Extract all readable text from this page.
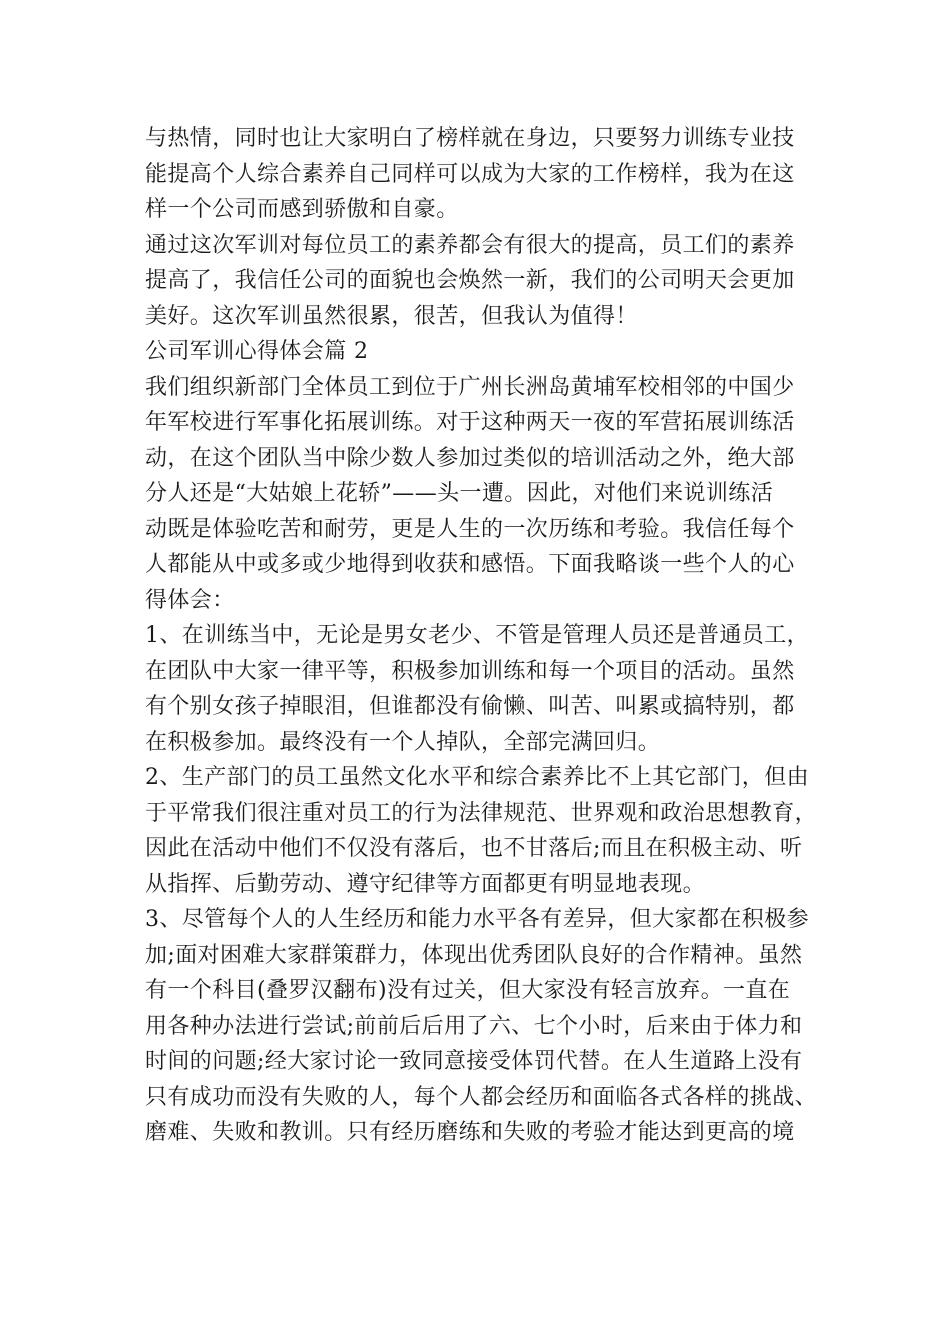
与热情，同时也让大家明白了榜样就在身边，只要努力训练专业技
能提高个人综合素养自己同样可以成为大家的工作榜样，我为在这
样一个公司而感到骄傲和自豪。
通过这次军训对每位员工的素养都会有很大的提高，员工们的素养
提高了，我信任公司的面貌也会焕然一新，我们的公司明天会更加
美好。这次军训虽然很累，很苦，但我认为值得！
公司军训心得体会篇 2
我们组织新部门全体员工到位于广州长洲岛黄埔军校相邻的中国少
年军校进行军事化拓展训练。对于这种两天一夜的军营拓展训练活
动，在这个团队当中除少数人参加过类似的培训活动之外，绝大部
分人还是“大姑娘上花轿”——头一遭。因此，对他们来说训练活
动既是体验吃苦和耐劳，更是人生的一次历练和考验。我信任每个
人都能从中或多或少地得到收获和感悟。下面我略谈一些个人的心
得体会：
1、在训练当中，无论是男女老少、不管是管理人员还是普通员工，
在团队中大家一律平等，积极参加训练和每一个项目的活动。虽然
有个别女孩子掉眼泪，但谁都没有偷懒、叫苦、叫累或搞特别，都
在积极参加。最终没有一个人掉队，全部完满回归。
2、生产部门的员工虽然文化水平和综合素养比不上其它部门，但由
于平常我们很注重对员工的行为法律规范、世界观和政治思想教育，
因此在活动中他们不仅没有落后，也不甘落后;而且在积极主动、听
从指挥、后勤劳动、遵守纪律等方面都更有明显地表现。
3、尽管每个人的人生经历和能力水平各有差异，但大家都在积极参
加;面对困难大家群策群力，体现出优秀团队良好的合作精神。虽然
有一个科目(叠罗汉翻布)没有过关，但大家没有轻言放弃。一直在
用各种办法进行尝试;前前后后用了六、七个小时，后来由于体力和
时间的问题;经大家讨论一致同意接受体罚代替。在人生道路上没有
只有成功而没有失败的人，每个人都会经历和面临各式各样的挑战、
磨难、失败和教训。只有经历磨练和失败的考验才能达到更高的境
